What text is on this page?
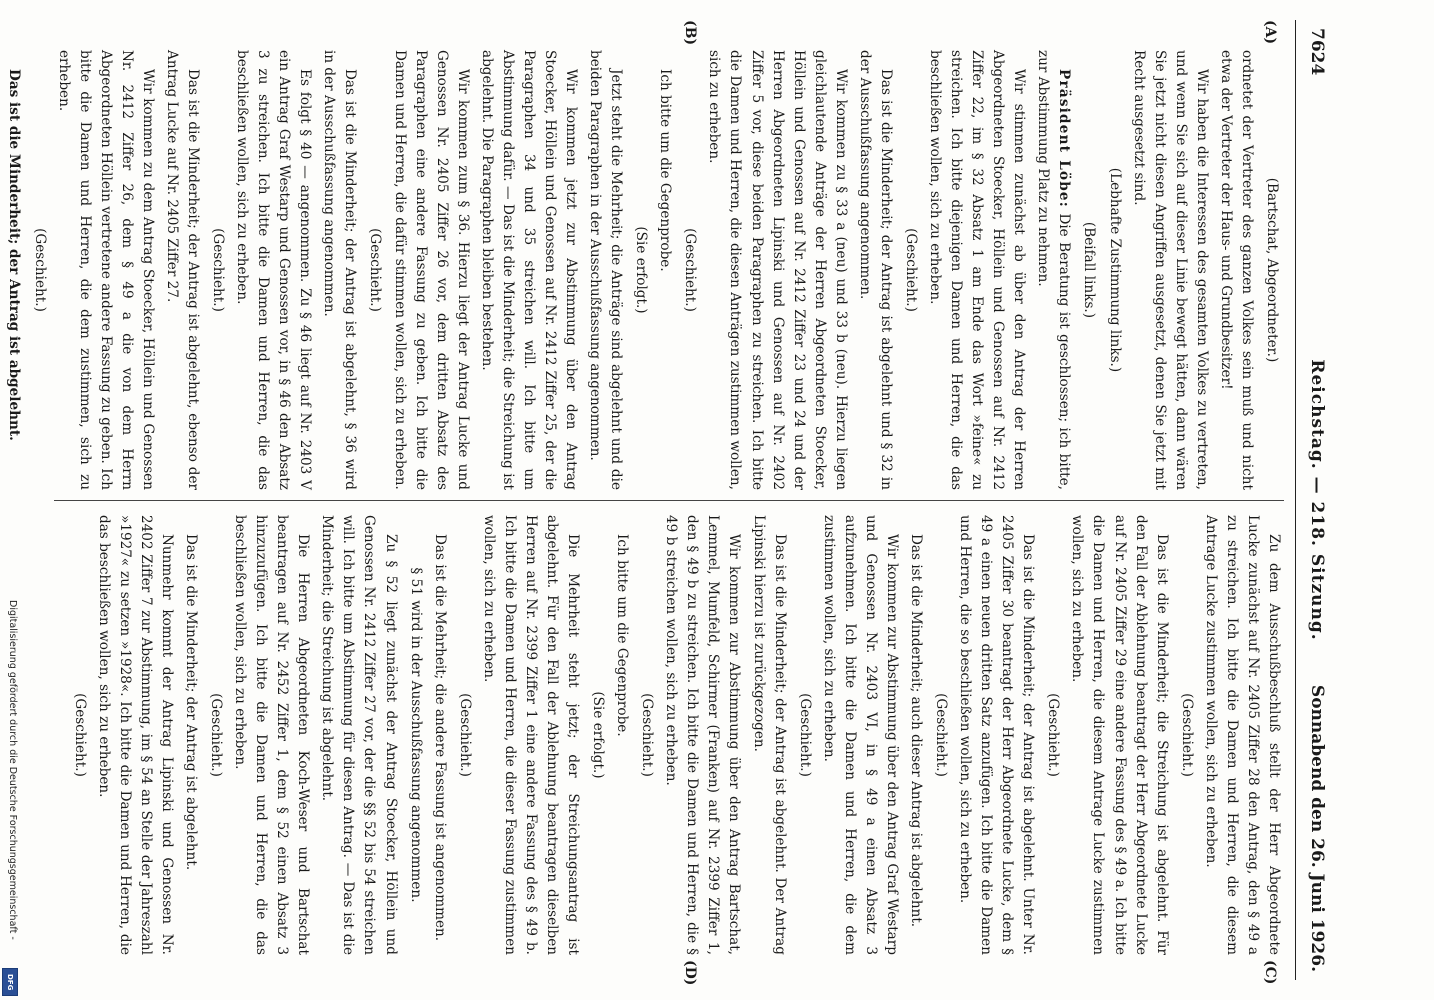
7624
Reichstag. — 218. Sitzung.
Sonnabend den 26. Juni 1926.
(A)
(B)
(C)
(D)

(Bartschat, Abgeordneter.)

ordnetet der Vertreter des ganzen Volkes sein muß und nicht etwa der Vertreter der Haus- und Grundbesitzer!

Wir haben die Interessen des gesamten Volkes zu vertreten, und wenn Sie sich auf dieser Linie bewegt hätten, dann wären Sie jetzt nicht diesen Angriffen ausgesetzt, denen Sie jetzt mit Recht ausgesetzt sind.

(Lebhafte Zustimmung links.)

(Beifall links.)

Präsident Löbe: Die Beratung ist geschlossen; ich bitte, zur Abstimmung Platz zu nehmen.

Wir stimmen zunächst ab über den Antrag der Herren Abgeordneten Stoecker, Höllein und Genossen auf Nr. 2412 Ziffer 22, im § 32 Absatz 1 am Ende das Wort »feine« zu streichen. Ich bitte diejenigen Damen und Herren, die das beschließen wollen, sich zu erheben.

(Geschieht.)

Das ist die Minderheit; der Antrag ist abgelehnt und § 32 in der Ausschußfassung angenommen.

Wir kommen zu § 33 a (neu) und 33 b (neu). Hierzu liegen gleichlautende Anträge der Herren Abgeordneten Stoecker, Höllein und Genossen auf Nr. 2412 Ziffer 23 und 24 und der Herren Abgeordneten Lipinski und Genossen auf Nr. 2402 Ziffer 5 vor, diese beiden Paragraphen zu streichen. Ich bitte die Damen und Herren, die diesen Anträgen zustimmen wollen, sich zu erheben.

(Geschieht.)

Ich bitte um die Gegenprobe.

(Sie erfolgt.)

Jetzt steht die Mehrheit; die Anträge sind abgelehnt und die beiden Paragraphen in der Ausschußfassung angenommen.

Wir kommen jetzt zur Abstimmung über den Antrag Stoecker, Höllein und Genossen auf Nr. 2412 Ziffer 25, der die Paragraphen 34 und 35 streichen will. Ich bitte um Abstimmung dafür. — Das ist die Minderheit; die Streichung ist abgelehnt. Die Paragraphen bleiben bestehen.

Wir kommen zum § 36. Hierzu liegt der Antrag Lucke und Genossen Nr. 2405 Ziffer 26 vor, dem dritten Absatz des Paragraphen eine andere Fassung zu geben. Ich bitte die Damen und Herren, die dafür stimmen wollen, sich zu erheben.

(Geschieht.)

Das ist die Minderheit; der Antrag ist abgelehnt, § 36 wird in der Ausschußfassung angenommen.

Es folgt § 40 — angenommen. Zu § 46 liegt auf Nr. 2403 V ein Antrag Graf Westarp und Genossen vor, in § 46 den Absatz 3 zu streichen. Ich bitte die Damen und Herren, die das beschließen wollen, sich zu erheben.

(Geschieht.)

Das ist die Minderheit; der Antrag ist abgelehnt, ebenso der Antrag Lucke auf Nr. 2405 Ziffer 27.

Wir kommen zu dem Antrag Stoecker, Höllein und Genossen Nr. 2412 Ziffer 26, dem § 49 a die von dem Herrn Abgeordneten Höllein vertretene andere Fassung zu geben. Ich bitte die Damen und Herren, die dem zustimmen, sich zu erheben.

(Geschieht.)

Das ist die Minderheit; der Antrag ist abgelehnt.

Zu dem Ausschußbeschluß stellt der Herr Abgeordnete Lucke zunächst auf Nr. 2405 Ziffer 28 den Antrag, den § 49 a zu streichen. Ich bitte die Damen und Herren, die diesem Antrage Lucke zustimmen wollen, sich zu erheben.

(Geschieht.)

Das ist die Minderheit; die Streichung ist abgelehnt. Für den Fall der Ablehnung beantragt der Herr Abgeordnete Lucke auf Nr. 2405 Ziffer 29 eine andere Fassung des § 49 a. Ich bitte die Damen und Herren, die diesem Antrage Lucke zustimmen wollen, sich zu erheben.

(Geschieht.)

Das ist die Minderheit; der Antrag ist abgelehnt. Unter Nr. 2405 Ziffer 30 beantragt der Herr Abgeordnete Lucke, dem § 49 a einen neuen dritten Satz anzufügen. Ich bitte die Damen und Herren, die so beschließen wollen, sich zu erheben.

(Geschieht.)

Das ist die Minderheit; auch dieser Antrag ist abgelehnt.

Wir kommen zur Abstimmung über den Antrag Graf Westarp und Genossen Nr. 2403 VI, in § 49 a einen Absatz 3 aufzunehmen. Ich bitte die Damen und Herren, die dem zustimmen wollen, sich zu erheben.

(Geschieht.)

Das ist die Minderheit; der Antrag ist abgelehnt. Der Antrag Lipinski hierzu ist zurückgezogen.

Wir kommen zur Abstimmung über den Antrag Bartschat, Lemmel, Mumfeld, Schirmer (Franken) auf Nr. 2399 Ziffer 1, den § 49 b zu streichen. Ich bitte die Damen und Herren, die § 49 b streichen wollen, sich zu erheben.

(Geschieht.)

Ich bitte um die Gegenprobe.

(Sie erfolgt.)

Die Mehrheit steht jetzt; der Streichungsantrag ist abgelehnt. Für den Fall der Ablehnung beantragen dieselben Herren auf Nr. 2399 Ziffer 1 eine andere Fassung des § 49 b. Ich bitte die Damen und Herren, die dieser Fassung zustimmen wollen, sich zu erheben.

(Geschieht.)

Das ist die Mehrheit; die andere Fassung ist angenommen.

§ 51 wird in der Ausschußfassung angenommen.

Zu § 52 liegt zunächst der Antrag Stoecker, Höllein und Genossen Nr. 2412 Ziffer 27 vor, der die §§ 52 bis 54 streichen will. Ich bitte um Abstimmung für diesen Antrag. — Das ist die Minderheit; die Streichung ist abgelehnt.

Die Herren Abgeordneten Koch-Weser und Bartschat beantragen auf Nr. 2452 Ziffer 1, dem § 52 einen Absatz 3 hinzuzufügen. Ich bitte die Damen und Herren, die das beschließen wollen, sich zu erheben.

(Geschieht.)

Das ist die Minderheit; der Antrag ist abgelehnt.

Nunmehr kommt der Antrag Lipinski und Genossen Nr. 2402 Ziffer 7 zur Abstimmung, im § 54 an Stelle der Jahreszahl »1927« zu setzen »1928«. Ich bitte die Damen und Herren, die das beschließen wollen, sich zu erheben.

(Geschieht.)

Digitalisierung gefördert durch die Deutsche Forschungsgemeinschaft -
DFG
